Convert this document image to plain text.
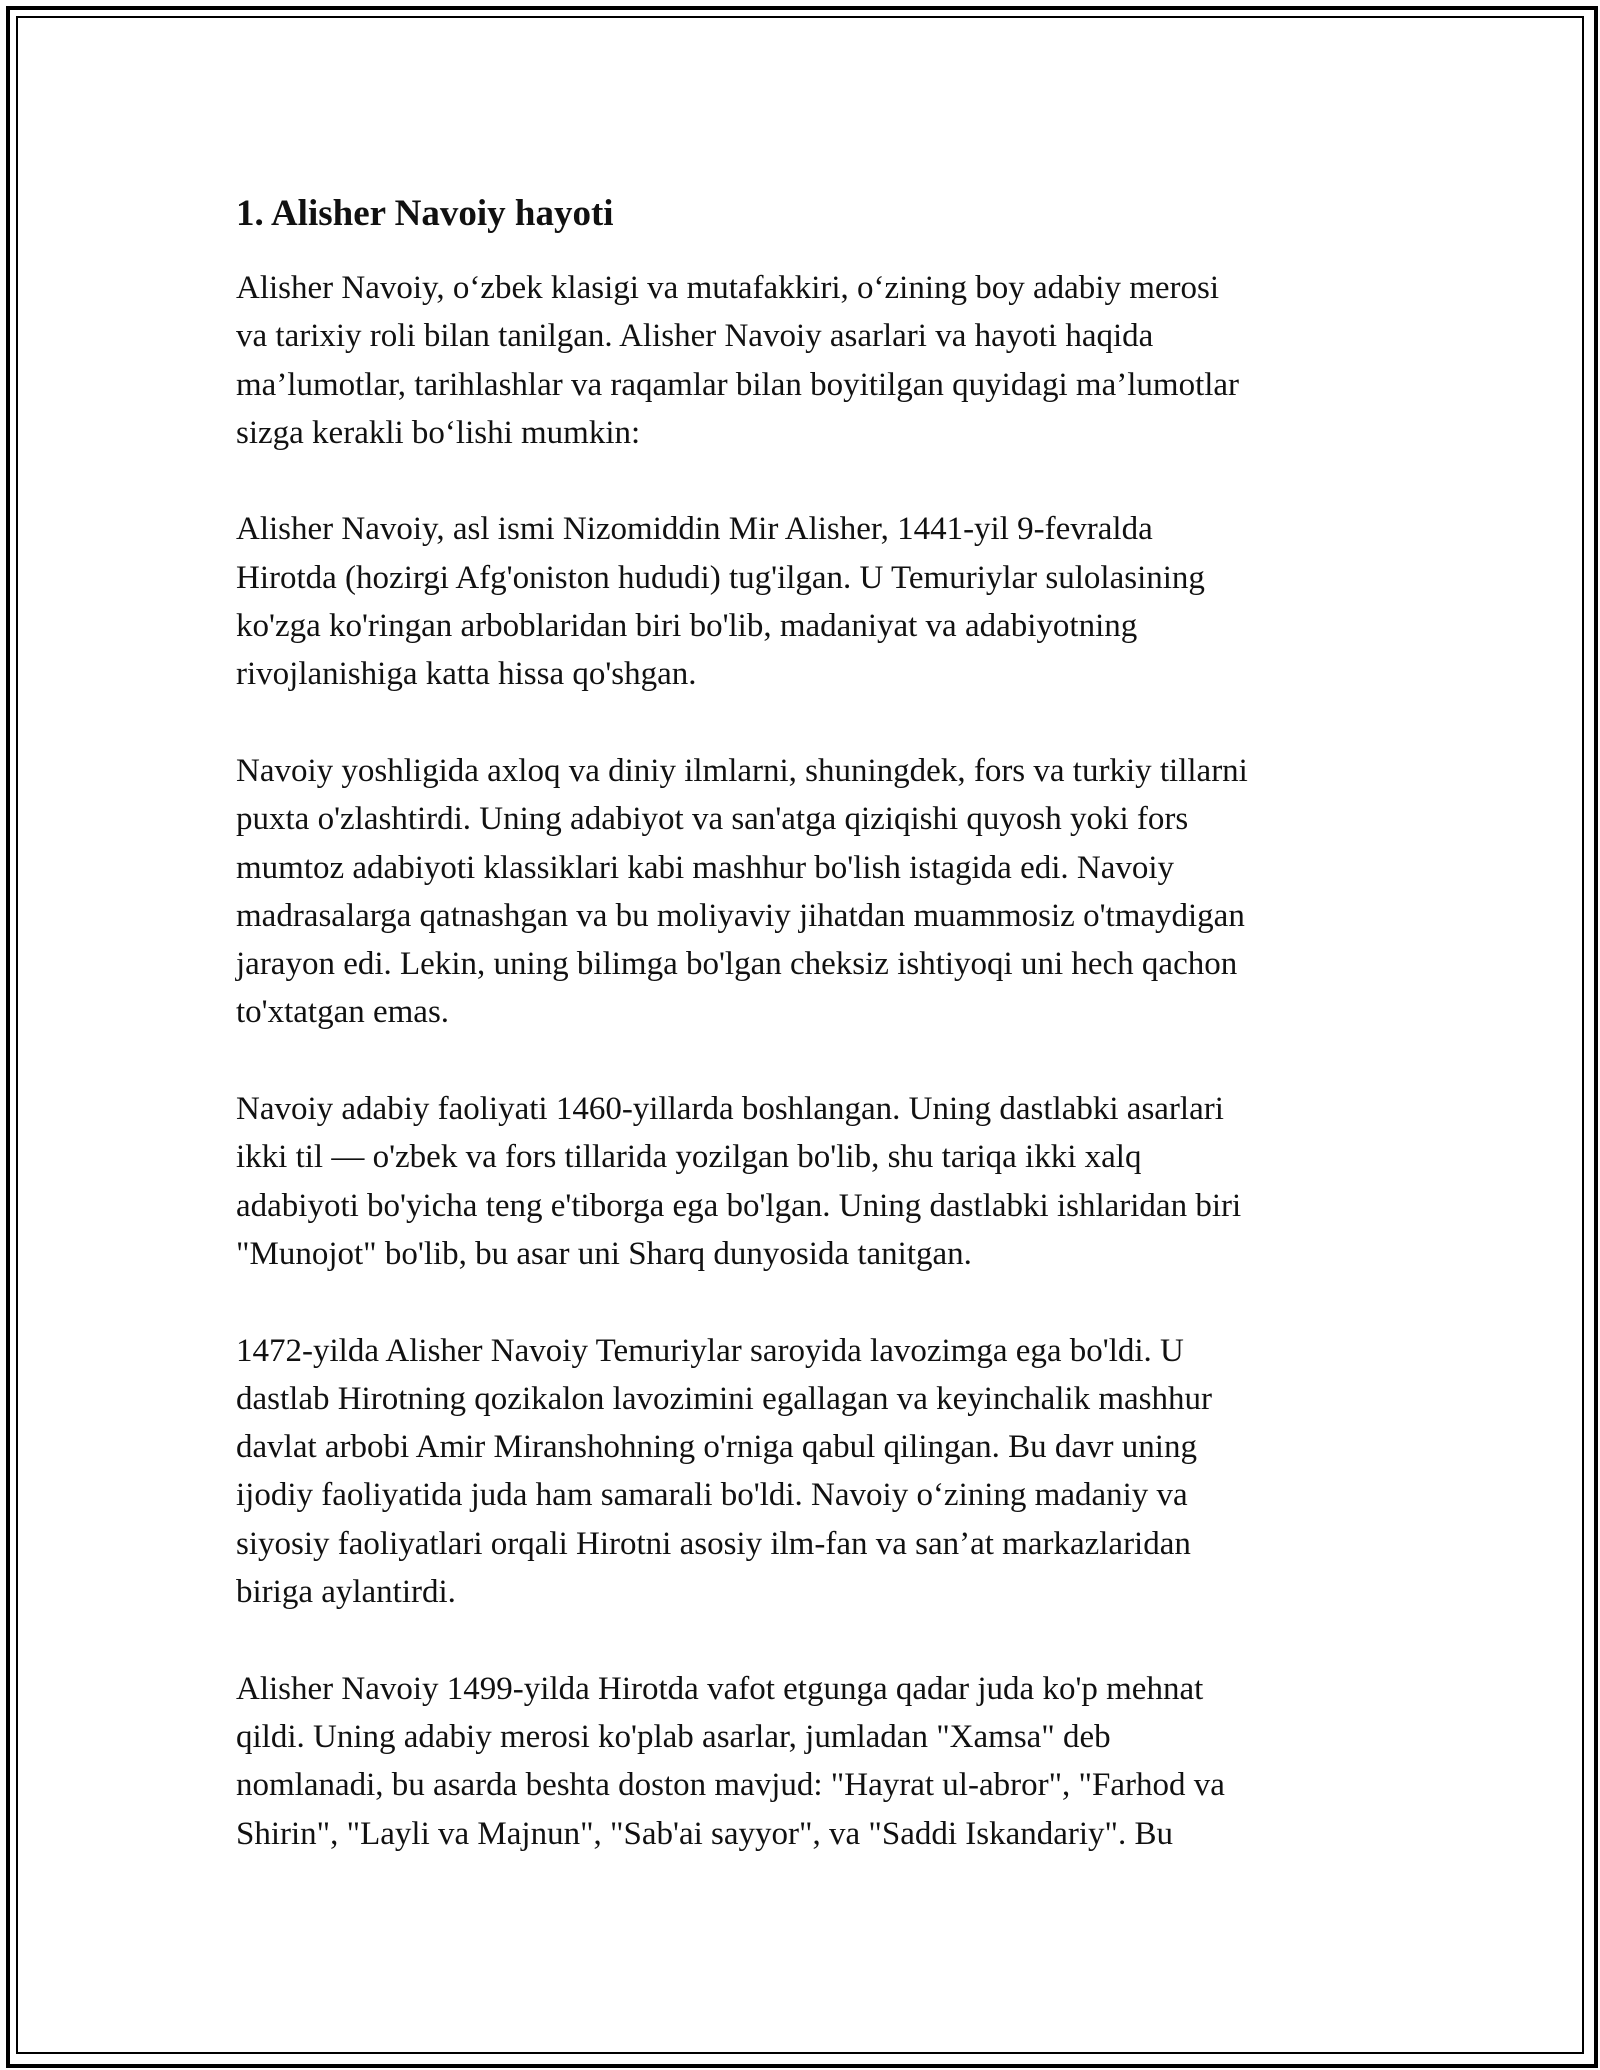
1. Alisher Navoiy hayoti

Alisher Navoiy, o‘zbek klasigi va mutafakkiri, o‘zining boy adabiy merosi
va tarixiy roli bilan tanilgan. Alisher Navoiy asarlari va hayoti haqida
ma’lumotlar, tarihlashlar va raqamlar bilan boyitilgan quyidagi ma’lumotlar
sizga kerakli bo‘lishi mumkin:

Alisher Navoiy, asl ismi Nizomiddin Mir Alisher, 1441-yil 9-fevralda
Hirotda (hozirgi Afg'oniston hududi) tug'ilgan. U Temuriylar sulolasining
ko'zga ko'ringan arboblaridan biri bo'lib, madaniyat va adabiyotning
rivojlanishiga katta hissa qo'shgan.

Navoiy yoshligida axloq va diniy ilmlarni, shuningdek, fors va turkiy tillarni
puxta o'zlashtirdi. Uning adabiyot va san'atga qiziqishi quyosh yoki fors
mumtoz adabiyoti klassiklari kabi mashhur bo'lish istagida edi. Navoiy
madrasalarga qatnashgan va bu moliyaviy jihatdan muammosiz o'tmaydigan
jarayon edi. Lekin, uning bilimga bo'lgan cheksiz ishtiyoqi uni hech qachon
to'xtatgan emas.

Navoiy adabiy faoliyati 1460-yillarda boshlangan. Uning dastlabki asarlari
ikki til — o'zbek va fors tillarida yozilgan bo'lib, shu tariqa ikki xalq
adabiyoti bo'yicha teng e'tiborga ega bo'lgan. Uning dastlabki ishlaridan biri
"Munojot" bo'lib, bu asar uni Sharq dunyosida tanitgan.

1472-yilda Alisher Navoiy Temuriylar saroyida lavozimga ega bo'ldi. U
dastlab Hirotning qozikalon lavozimini egallagan va keyinchalik mashhur
davlat arbobi Amir Miranshohning o'rniga qabul qilingan. Bu davr uning
ijodiy faoliyatida juda ham samarali bo'ldi. Navoiy o‘zining madaniy va
siyosiy faoliyatlari orqali Hirotni asosiy ilm-fan va san’at markazlaridan
biriga aylantirdi.

Alisher Navoiy 1499-yilda Hirotda vafot etgunga qadar juda ko'p mehnat
qildi. Uning adabiy merosi ko'plab asarlar, jumladan "Xamsa" deb
nomlanadi, bu asarda beshta doston mavjud: "Hayrat ul-abror", "Farhod va
Shirin", "Layli va Majnun", "Sab'ai sayyor", va "Saddi Iskandariy". Bu
